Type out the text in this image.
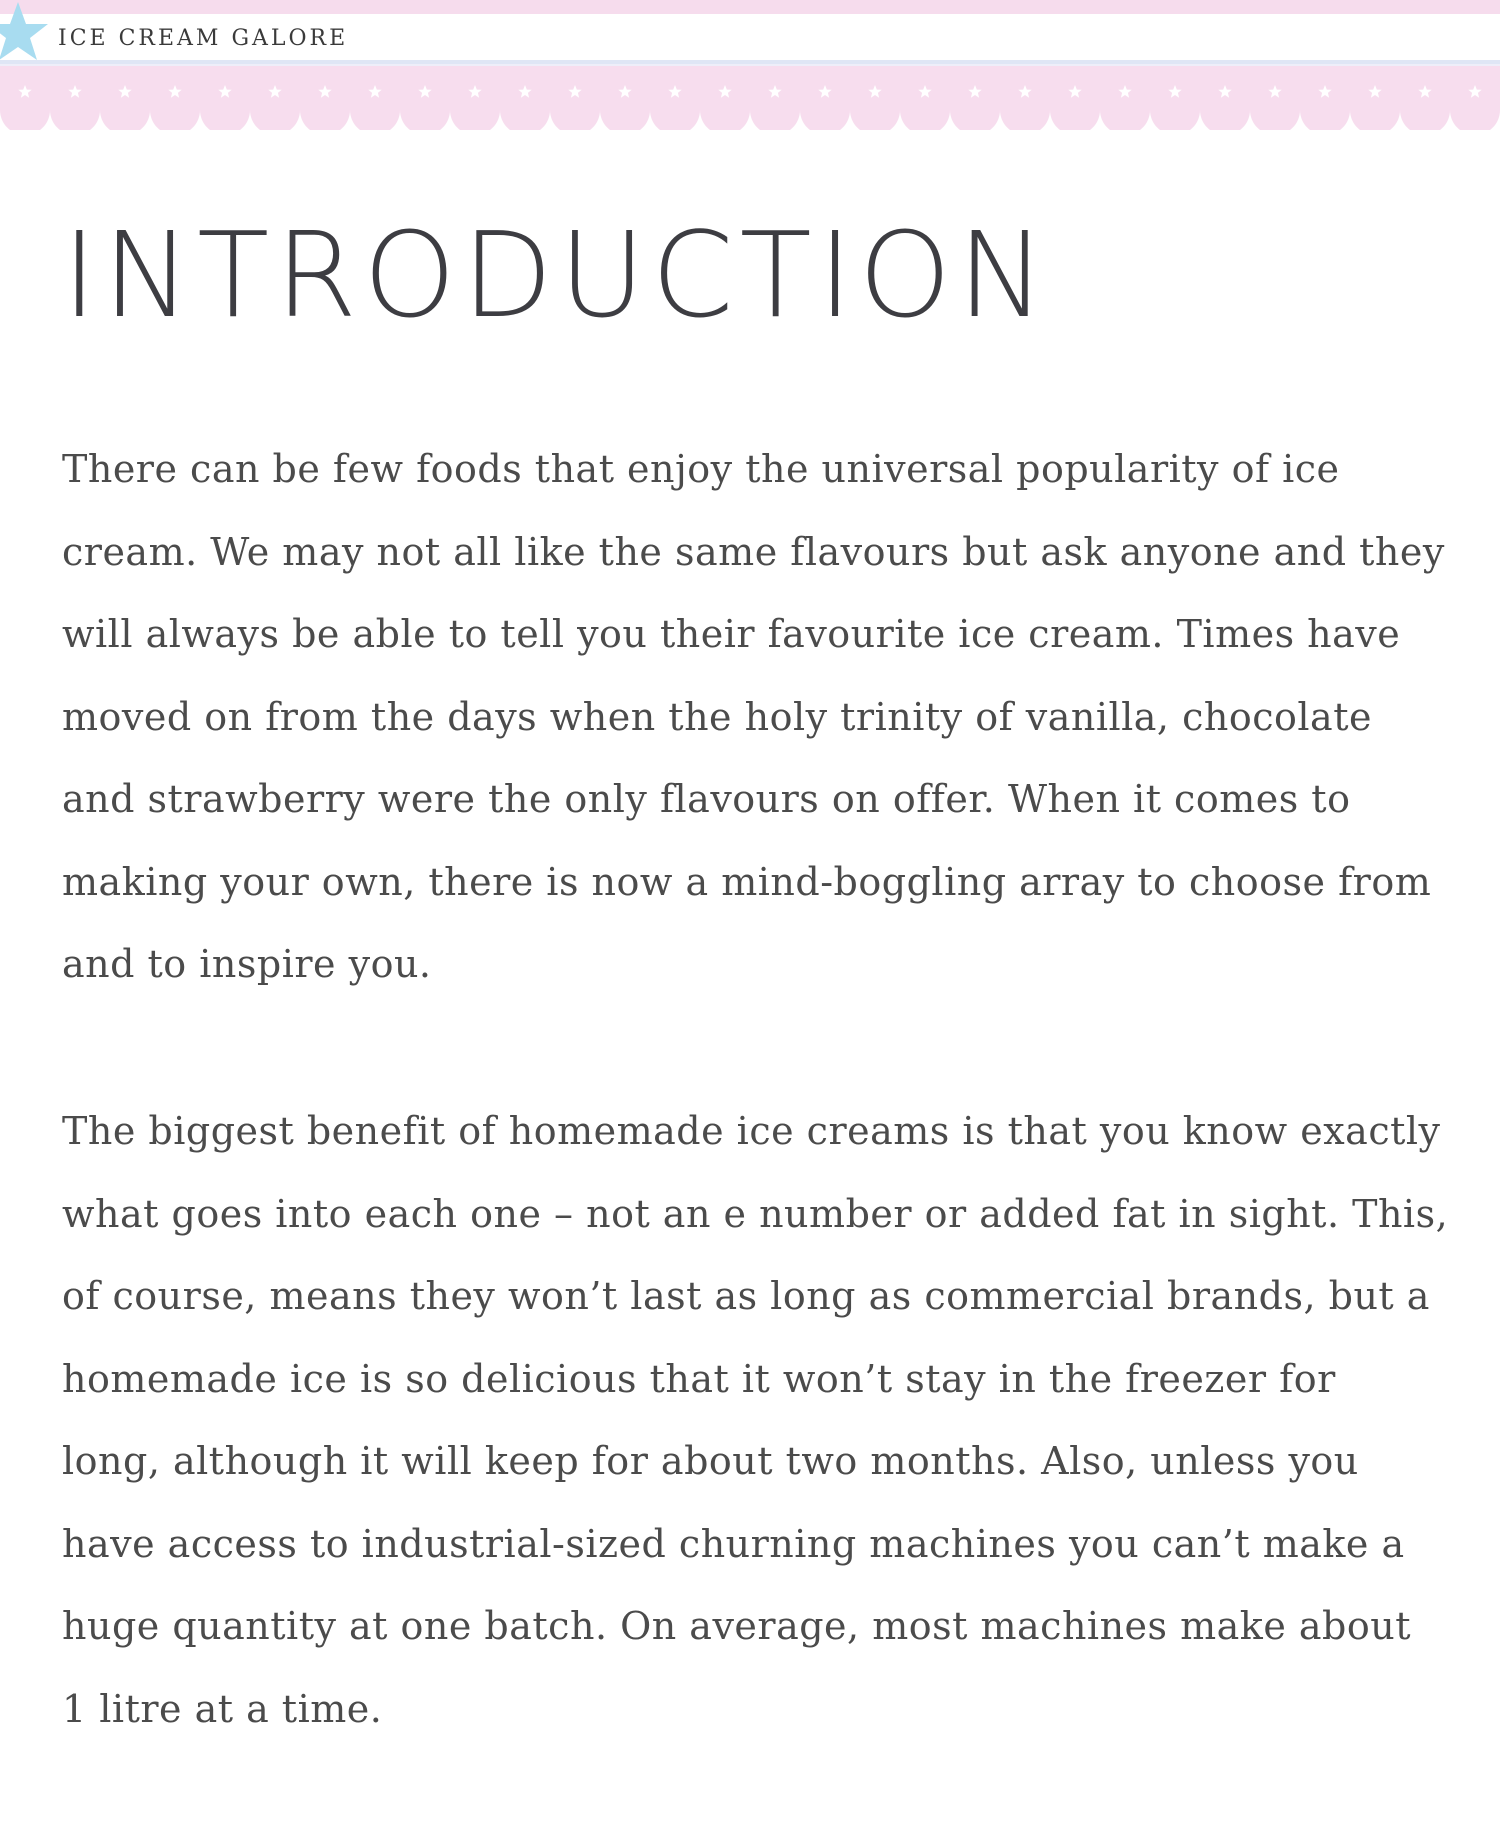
ICE CREAM GALORE
INTRODUCTION
There can be few foods that enjoy the universal popularity of ice
cream. We may not all like the same flavours but ask anyone and they
will always be able to tell you their favourite ice cream. Times have
moved on from the days when the holy trinity of vanilla, chocolate
and strawberry were the only flavours on offer. When it comes to
making your own, there is now a mind-boggling array to choose from
and to inspire you.
The biggest benefit of homemade ice creams is that you know exactly
what goes into each one – not an e number or added fat in sight. This,
of course, means they won’t last as long as commercial brands, but a
homemade ice is so delicious that it won’t stay in the freezer for
long, although it will keep for about two months. Also, unless you
have access to industrial-sized churning machines you can’t make a
huge quantity at one batch. On average, most machines make about
1 litre at a time.
